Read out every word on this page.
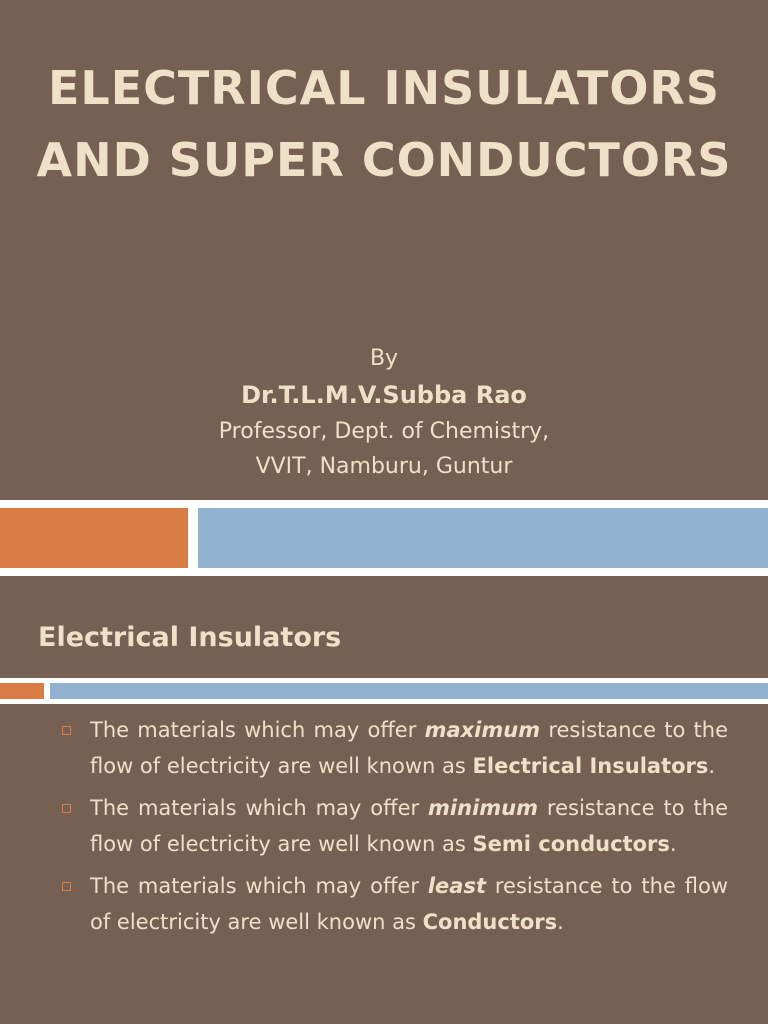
ELECTRICAL INSULATORS
AND SUPER CONDUCTORS
By
Dr.T.L.M.V.Subba Rao
Professor, Dept. of Chemistry,
VVIT, Namburu, Guntur
Electrical Insulators
The materials which may offer maximum resistance to the flow of electricity are well known as Electrical Insulators.
The materials which may offer minimum resistance to the flow of electricity are well known as Semi conductors.
The materials which may offer least resistance to the flow of electricity are well known as Conductors.
